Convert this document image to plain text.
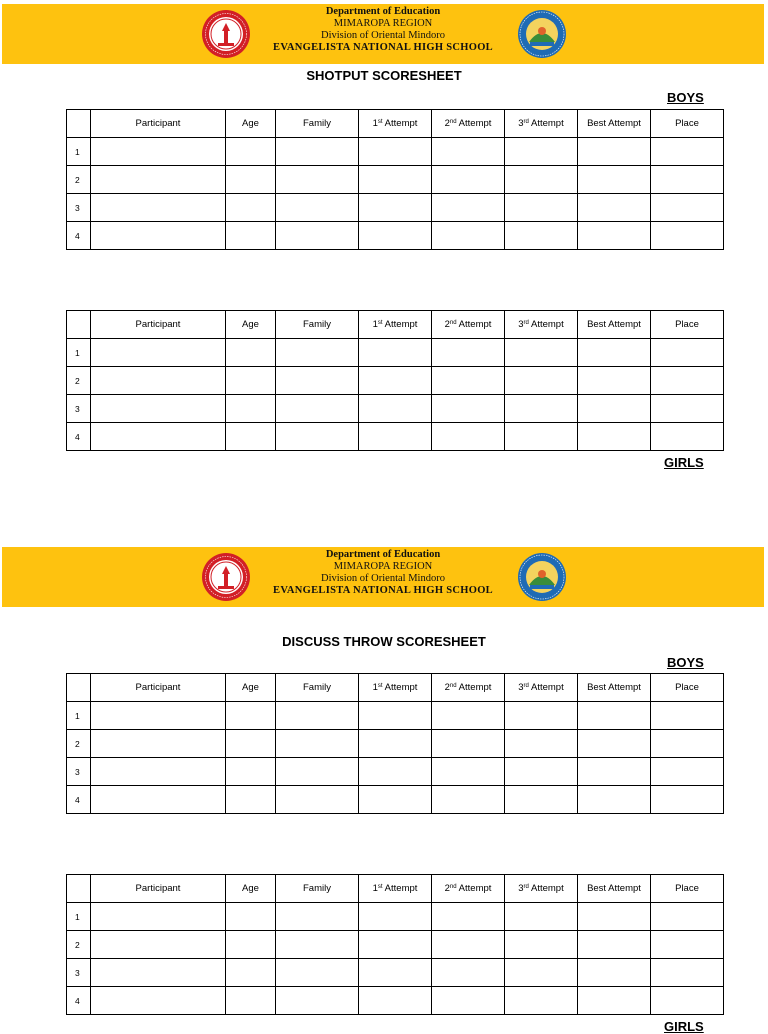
Department of Education
MIMAROPA REGION
Division of Oriental Mindoro
EVANGELISTA NATIONAL HIGH SCHOOL
SHOTPUT SCORESHEET
BOYS
	Participant	Age	Family	1st Attempt	2nd Attempt	3rd Attempt	Best Attempt	Place
1								
2								
3								
4								
	Participant	Age	Family	1st Attempt	2nd Attempt	3rd Attempt	Best Attempt	Place
1								
2								
3								
4								
GIRLS
Department of Education
MIMAROPA REGION
Division of Oriental Mindoro
EVANGELISTA NATIONAL HIGH SCHOOL
DISCUSS THROW SCORESHEET
BOYS
	Participant	Age	Family	1st Attempt	2nd Attempt	3rd Attempt	Best Attempt	Place
1								
2								
3								
4								
	Participant	Age	Family	1st Attempt	2nd Attempt	3rd Attempt	Best Attempt	Place
1								
2								
3								
4								
GIRLS
